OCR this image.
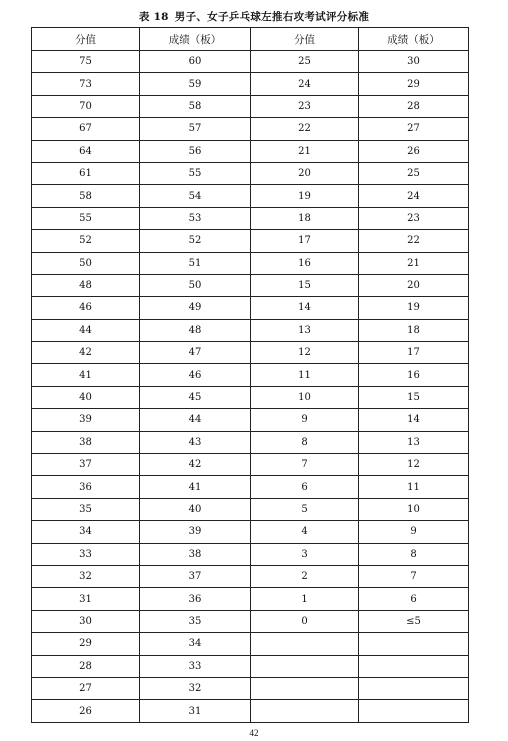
表 18 男子、女子乒乓球左推右攻考试评分标准
分值	成绩（板）	分值	成绩（板）
75	60	25	30
73	59	24	29
70	58	23	28
67	57	22	27
64	56	21	26
61	55	20	25
58	54	19	24
55	53	18	23
52	52	17	22
50	51	16	21
48	50	15	20
46	49	14	19
44	48	13	18
42	47	12	17
41	46	11	16
40	45	10	15
39	44	9	14
38	43	8	13
37	42	7	12
36	41	6	11
35	40	5	10
34	39	4	9
33	38	3	8
32	37	2	7
31	36	1	6
30	35	0	≤5
29	34		
28	33		
27	32		
26	31		
42
